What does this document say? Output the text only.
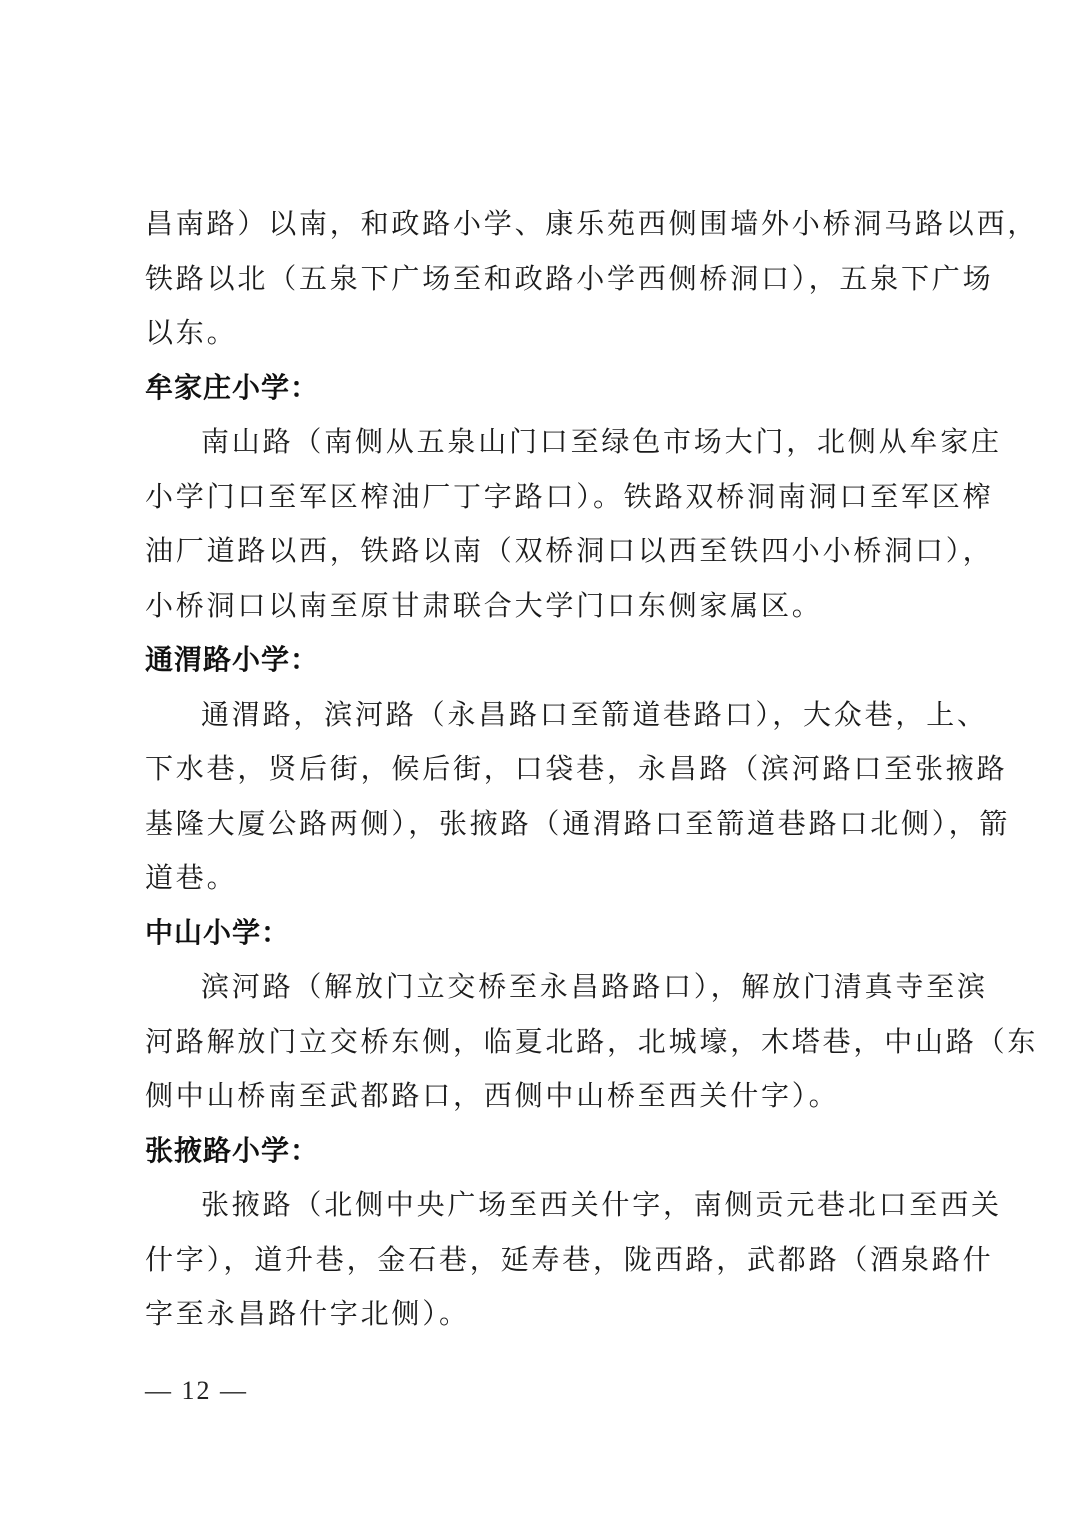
昌南路）以南，和政路小学、康乐苑西侧围墙外小桥洞马路以西，
铁路以北（五泉下广场至和政路小学西侧桥洞口），五泉下广场
以东。
牟家庄小学：
南山路（南侧从五泉山门口至绿色市场大门，北侧从牟家庄
小学门口至军区榨油厂丁字路口）。铁路双桥洞南洞口至军区榨
油厂道路以西，铁路以南（双桥洞口以西至铁四小小桥洞口），
小桥洞口以南至原甘肃联合大学门口东侧家属区。
通渭路小学：
通渭路，滨河路（永昌路口至箭道巷路口），大众巷，上、
下水巷，贤后街，候后街，口袋巷，永昌路（滨河路口至张掖路
基隆大厦公路两侧），张掖路（通渭路口至箭道巷路口北侧），箭
道巷。
中山小学：
滨河路（解放门立交桥至永昌路路口），解放门清真寺至滨
河路解放门立交桥东侧，临夏北路，北城壕，木塔巷，中山路（东
侧中山桥南至武都路口，西侧中山桥至西关什字）。
张掖路小学：
张掖路（北侧中央广场至西关什字，南侧贡元巷北口至西关
什字），道升巷，金石巷，延寿巷，陇西路，武都路（酒泉路什
字至永昌路什字北侧）。
— 12 —
